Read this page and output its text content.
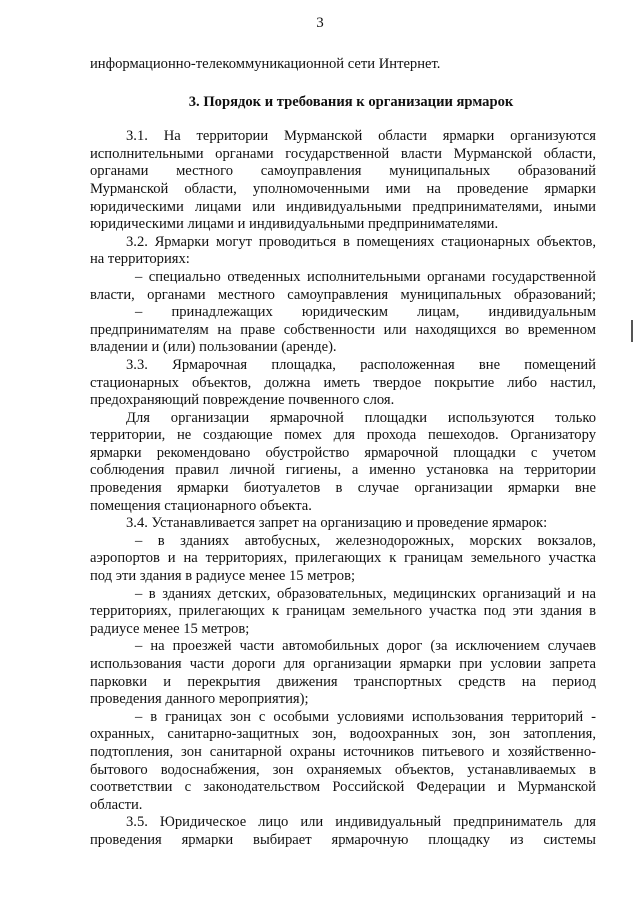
3
информационно-телекоммуникационной сети Интернет.
3. Порядок и требования к организации ярмарок
3.1. На территории Мурманской области ярмарки организуются
исполнительными органами государственной власти Мурманской области,
органами местного самоуправления муниципальных образований
Мурманской области, уполномоченными ими на проведение ярмарки
юридическими лицами или индивидуальными предпринимателями, иными
юридическими лицами и индивидуальными предпринимателями.
3.2. Ярмарки могут проводиться в помещениях стационарных объектов,
на территориях:
– специально отведенных исполнительными органами государственной
власти, органами местного самоуправления муниципальных образований;
– принадлежащих юридическим лицам, индивидуальным
предпринимателям на праве собственности или находящихся во временном
владении и (или) пользовании (аренде).
3.3. Ярмарочная площадка, расположенная вне помещений
стационарных объектов, должна иметь твердое покрытие либо настил,
предохраняющий повреждение почвенного слоя.
Для организации ярмарочной площадки используются только
территории, не создающие помех для прохода пешеходов. Организатору
ярмарки рекомендовано обустройство ярмарочной площадки с учетом
соблюдения правил личной гигиены, а именно установка на территории
проведения ярмарки биотуалетов в случае организации ярмарки вне
помещения стационарного объекта.
3.4. Устанавливается запрет на организацию и проведение ярмарок:
– в зданиях автобусных, железнодорожных, морских вокзалов,
аэропортов и на территориях, прилегающих к границам земельного участка
под эти здания в радиусе менее 15 метров;
– в зданиях детских, образовательных, медицинских организаций и на
территориях, прилегающих к границам земельного участка под эти здания в
радиусе менее 15 метров;
– на проезжей части автомобильных дорог (за исключением случаев
использования части дороги для организации ярмарки при условии запрета
парковки и перекрытия движения транспортных средств на период
проведения данного мероприятия);
– в границах зон с особыми условиями использования территорий -
охранных, санитарно-защитных зон, водоохранных зон, зон затопления,
подтопления, зон санитарной охраны источников питьевого и хозяйственно-
бытового водоснабжения, зон охраняемых объектов, устанавливаемых в
соответствии с законодательством Российской Федерации и Мурманской
области.
3.5. Юридическое лицо или индивидуальный предприниматель для
проведения ярмарки выбирает ярмарочную площадку из системы
